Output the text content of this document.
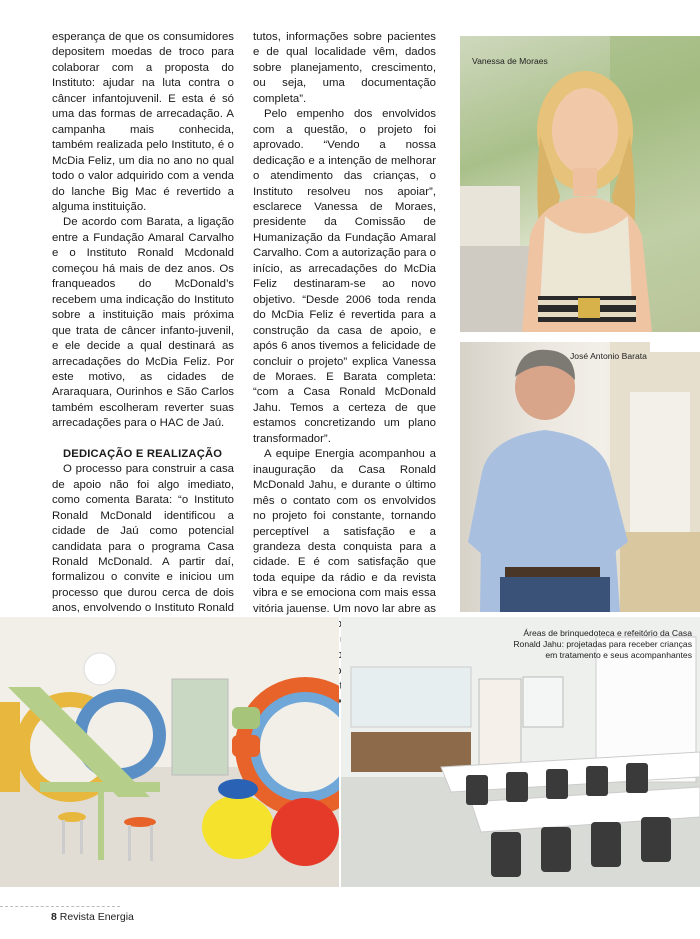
esperança de que os consumidores depositem moedas de troco para colaborar com a proposta do Instituto: ajudar na luta contra o câncer infantojuvenil. E esta é só uma das formas de arrecadação. A campanha mais conhecida, também realizada pelo Instituto, é o McDia Feliz, um dia no ano no qual todo o valor adquirido com a venda do lanche Big Mac é revertido a alguma instituição.

De acordo com Barata, a ligação entre a Fundação Amaral Carvalho e o Instituto Ronald Mcdonald começou há mais de dez anos. Os franqueados do McDonald’s recebem uma indicação do Instituto sobre a instituição mais próxima que trata de câncer infanto-juvenil, e ele decide a qual destinará as arrecadações do McDia Feliz. Por este motivo, as cidades de Araraquara, Ourinhos e São Carlos também escolheram reverter suas arrecadações para o HAC de Jaú.

DEDICAÇÃO E REALIZAÇÃO

O processo para construir a casa de apoio não foi algo imediato, como comenta Barata: “o Instituto Ronald McDonald identificou a cidade de Jaú como potencial candidata para o programa Casa Ronald McDonald. A partir daí, formalizou o convite e iniciou um processo que durou cerca de dois anos, envolvendo o Instituto Ronald

tutos, informações sobre pacientes e de qual localidade vêm, dados sobre planejamento, crescimento, ou seja, uma documentação completa”.

Pelo empenho dos envolvidos com a questão, o projeto foi aprovado. “Vendo a nossa dedicação e a intenção de melhorar o atendimento das crianças, o Instituto resolveu nos apoiar”, esclarece Vanessa de Moraes, presidente da Comissão de Humanização da Fundação Amaral Carvalho. Com a autorização para o início, as arrecadações do McDia Feliz destinaram-se ao novo objetivo. “Desde 2006 toda renda do McDia Feliz é revertida para a construção da casa de apoio, e após 6 anos tivemos a felicidade de concluir o projeto” explica Vanessa de Moraes. E Barata completa: “com a Casa Ronald McDonald Jahu. Temos a certeza de que estamos concretizando um plano transformador”.

A equipe Energia acompanhou a inauguração da Casa Ronald McDonald Jahu, e durante o último mês o contato com os envolvidos no projeto foi constante, tornando perceptível a satisfação e a grandeza desta conquista para a cidade. E é com satisfação que toda equipe da rádio e da revista vibra e se emociona com mais essa vitória jauense. Um novo lar abre as

Vanessa de Moraes
José Antonio Barata
Áreas de brinquedoteca e refeitório da Casa
Ronald Jahu: projetadas para receber crianças
em tratamento e seus acompanhantes
8 Revista Energia
